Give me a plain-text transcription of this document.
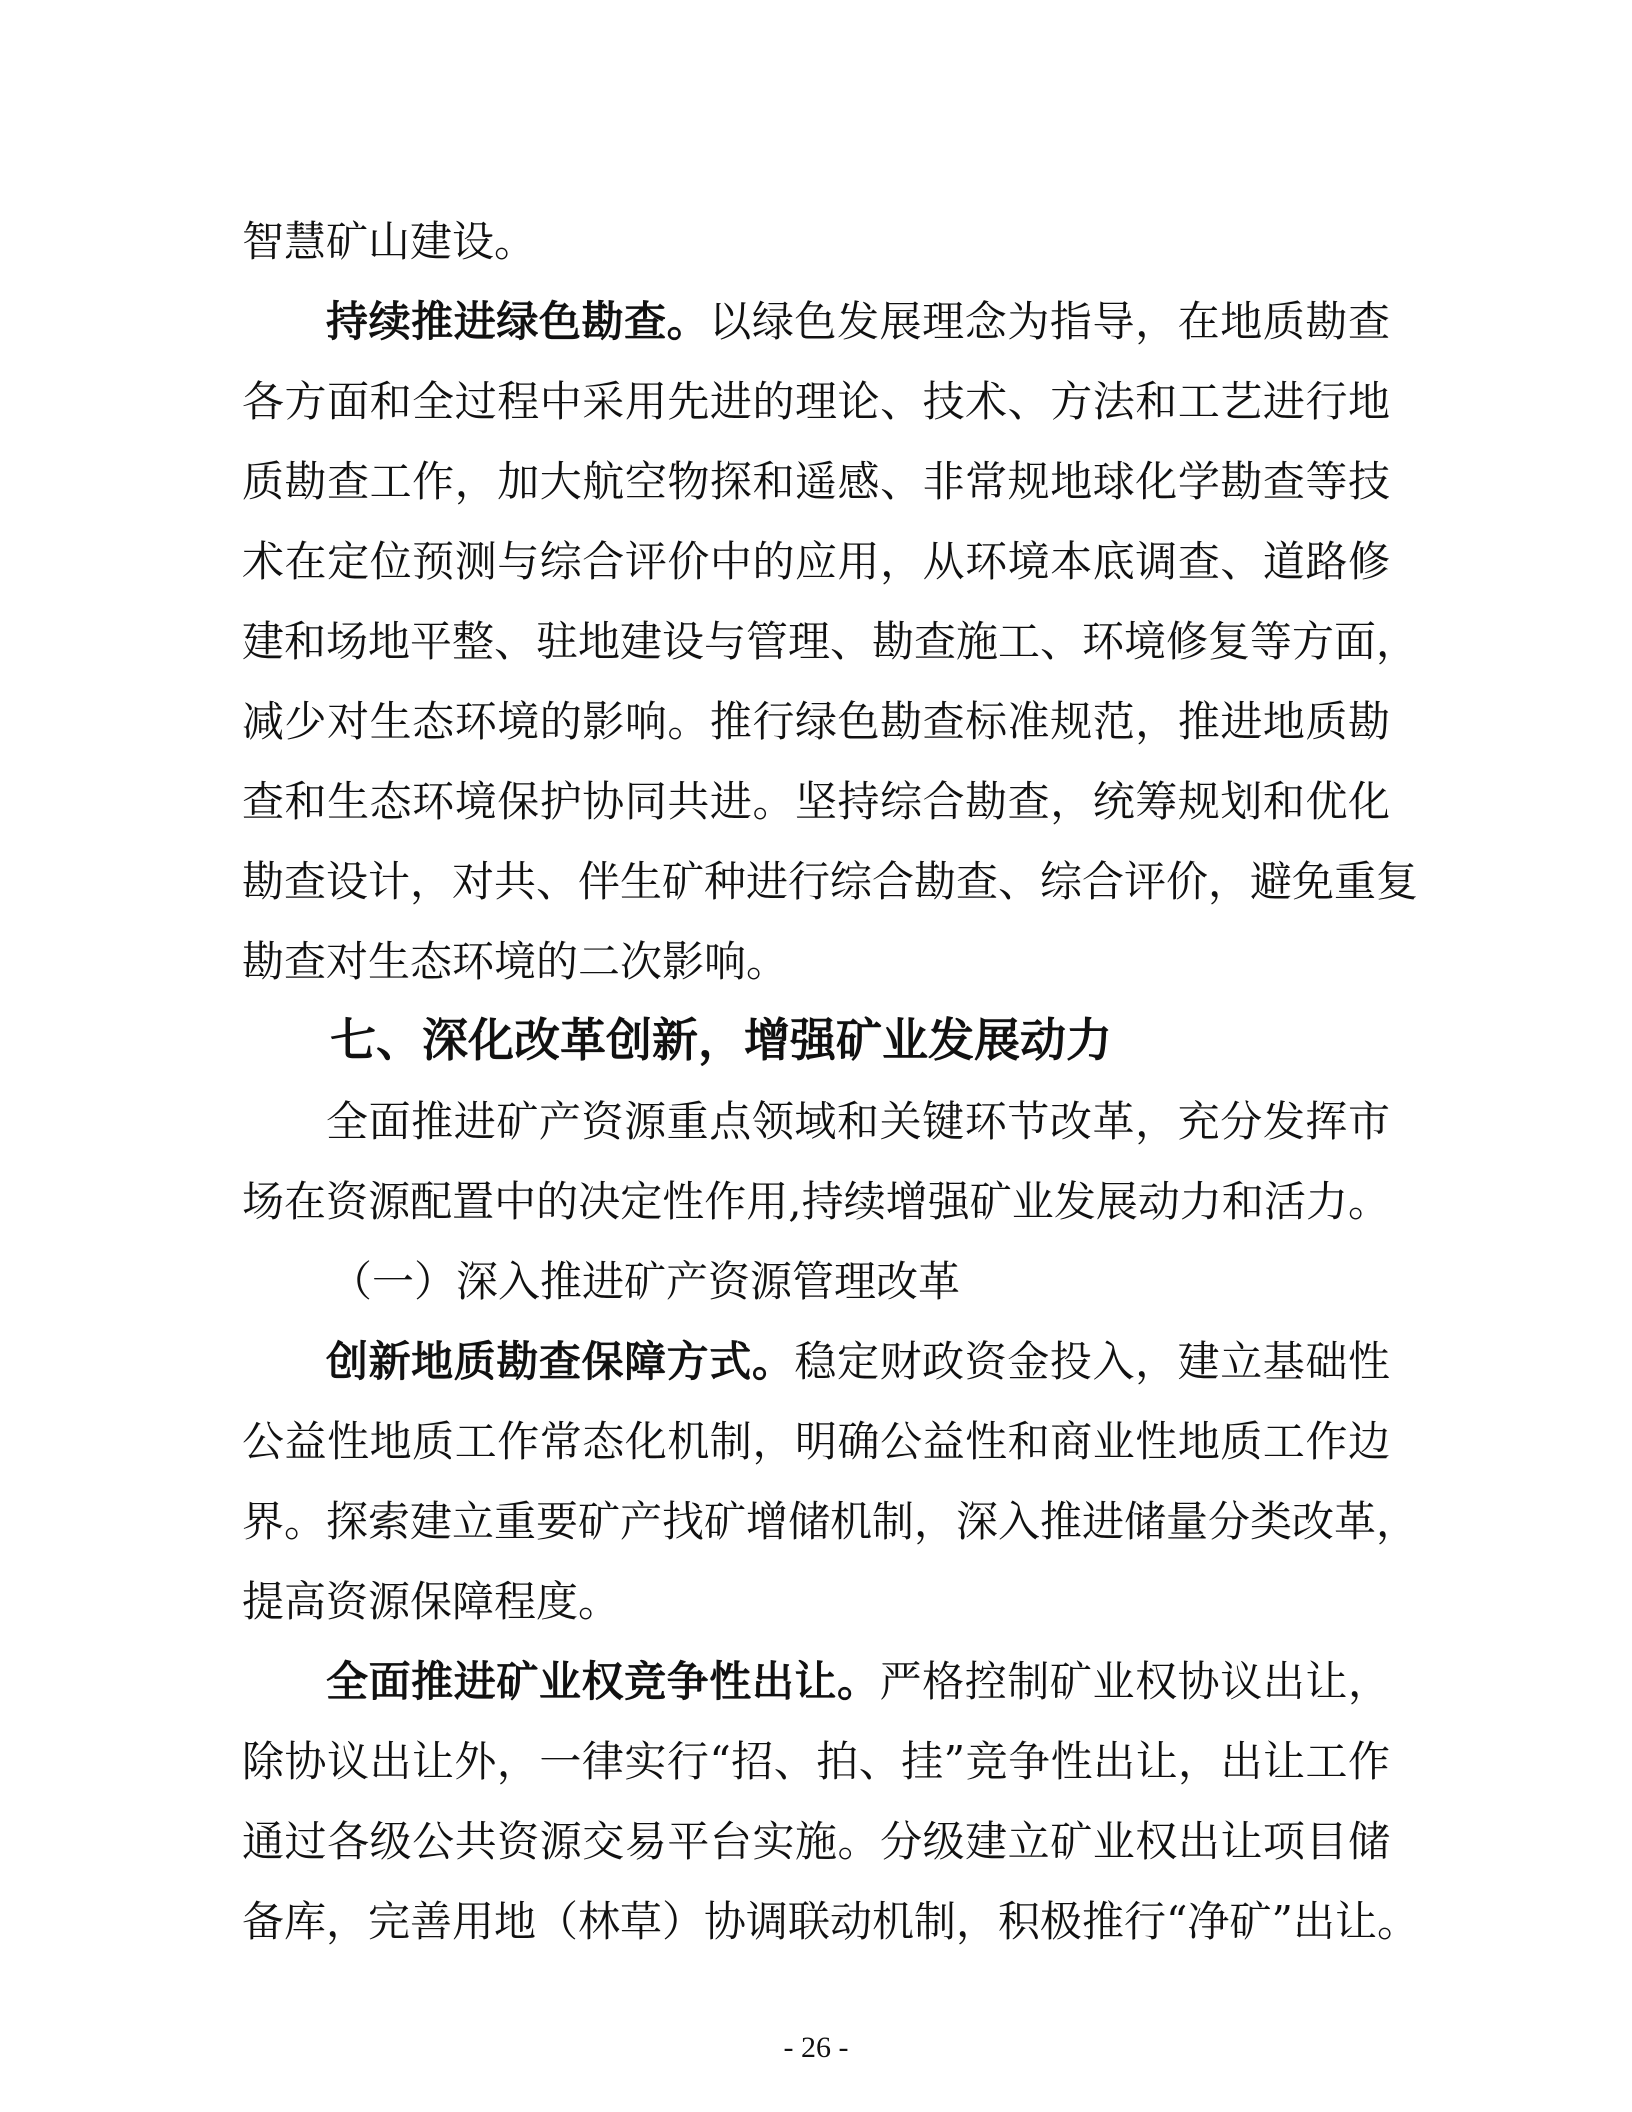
智慧矿山建设。
持续推进绿色勘查。以绿色发展理念为指导，在地质勘查
各方面和全过程中采用先进的理论、技术、方法和工艺进行地
质勘查工作，加大航空物探和遥感、非常规地球化学勘查等技
术在定位预测与综合评价中的应用，从环境本底调查、道路修
建和场地平整、驻地建设与管理、勘查施工、环境修复等方面，
减少对生态环境的影响。推行绿色勘查标准规范，推进地质勘
查和生态环境保护协同共进。坚持综合勘查，统筹规划和优化
勘查设计，对共、伴生矿种进行综合勘查、综合评价，避免重复
勘查对生态环境的二次影响。
七、深化改革创新，增强矿业发展动力
全面推进矿产资源重点领域和关键环节改革，充分发挥市
场在资源配置中的决定性作用,持续增强矿业发展动力和活力。
（一）深入推进矿产资源管理改革
创新地质勘查保障方式。稳定财政资金投入，建立基础性
公益性地质工作常态化机制，明确公益性和商业性地质工作边
界。探索建立重要矿产找矿增储机制，深入推进储量分类改革，
提高资源保障程度。
全面推进矿业权竞争性出让。严格控制矿业权协议出让，
除协议出让外，一律实行“招、拍、挂”竞争性出让，出让工作
通过各级公共资源交易平台实施。分级建立矿业权出让项目储
备库，完善用地（林草）协调联动机制，积极推行“净矿”出让。
- 26 -
